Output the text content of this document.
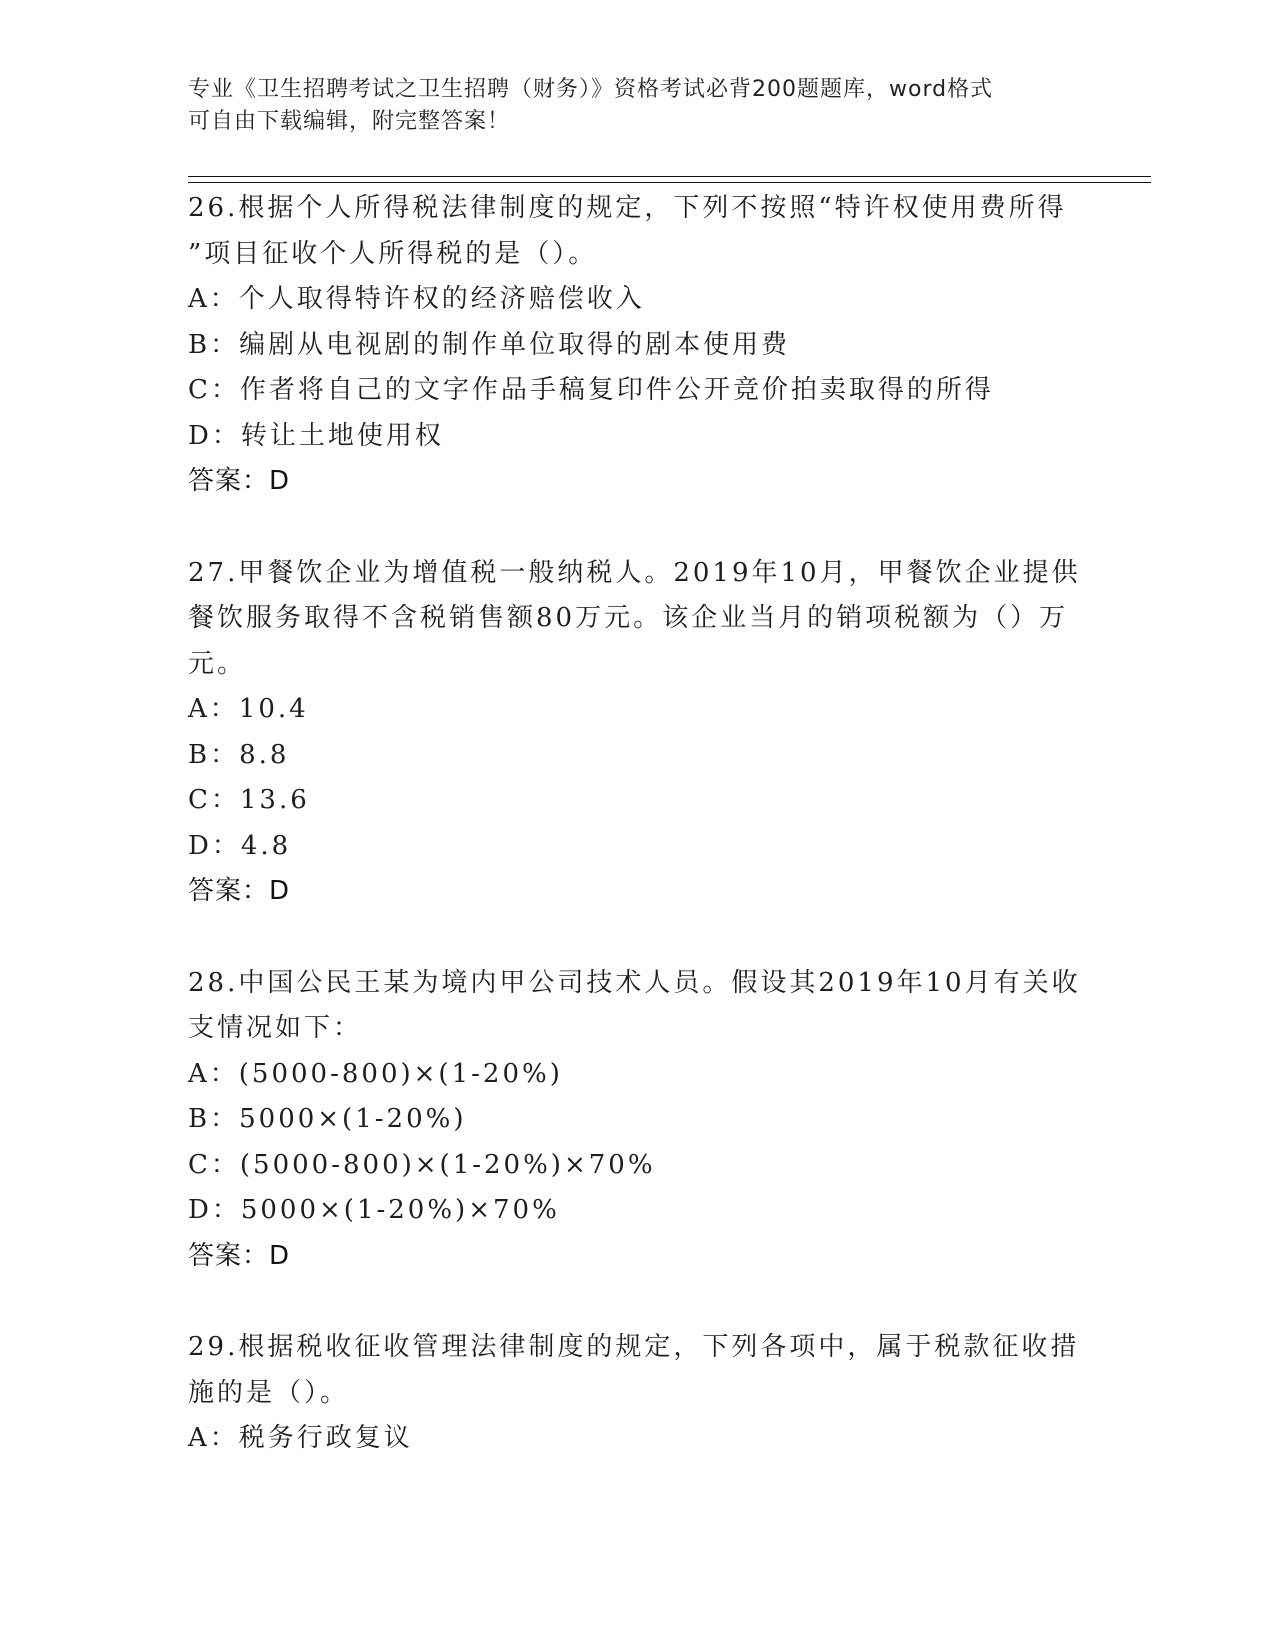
专业《卫生招聘考试之卫生招聘（财务）》资格考试必背200题题库，word格式
可自由下载编辑，附完整答案！
26.根据个人所得税法律制度的规定，下列不按照“特许权使用费所得
”项目征收个人所得税的是（）。
A：个人取得特许权的经济赔偿收入
B：编剧从电视剧的制作单位取得的剧本使用费
C：作者将自己的文字作品手稿复印件公开竞价拍卖取得的所得
D：转让土地使用权
答案：D
27.甲餐饮企业为增值税一般纳税人。2019年10月，甲餐饮企业提供
餐饮服务取得不含税销售额80万元。该企业当月的销项税额为（）万
元。
A：10.4
B：8.8
C：13.6
D：4.8
答案：D
28.中国公民王某为境内甲公司技术人员。假设其2019年10月有关收
支情况如下：
A：(5000-800)×(1-20%)
B：5000×(1-20%)
C：(5000-800)×(1-20%)×70%
D：5000×(1-20%)×70%
答案：D
29.根据税收征收管理法律制度的规定，下列各项中，属于税款征收措
施的是（）。
A：税务行政复议
